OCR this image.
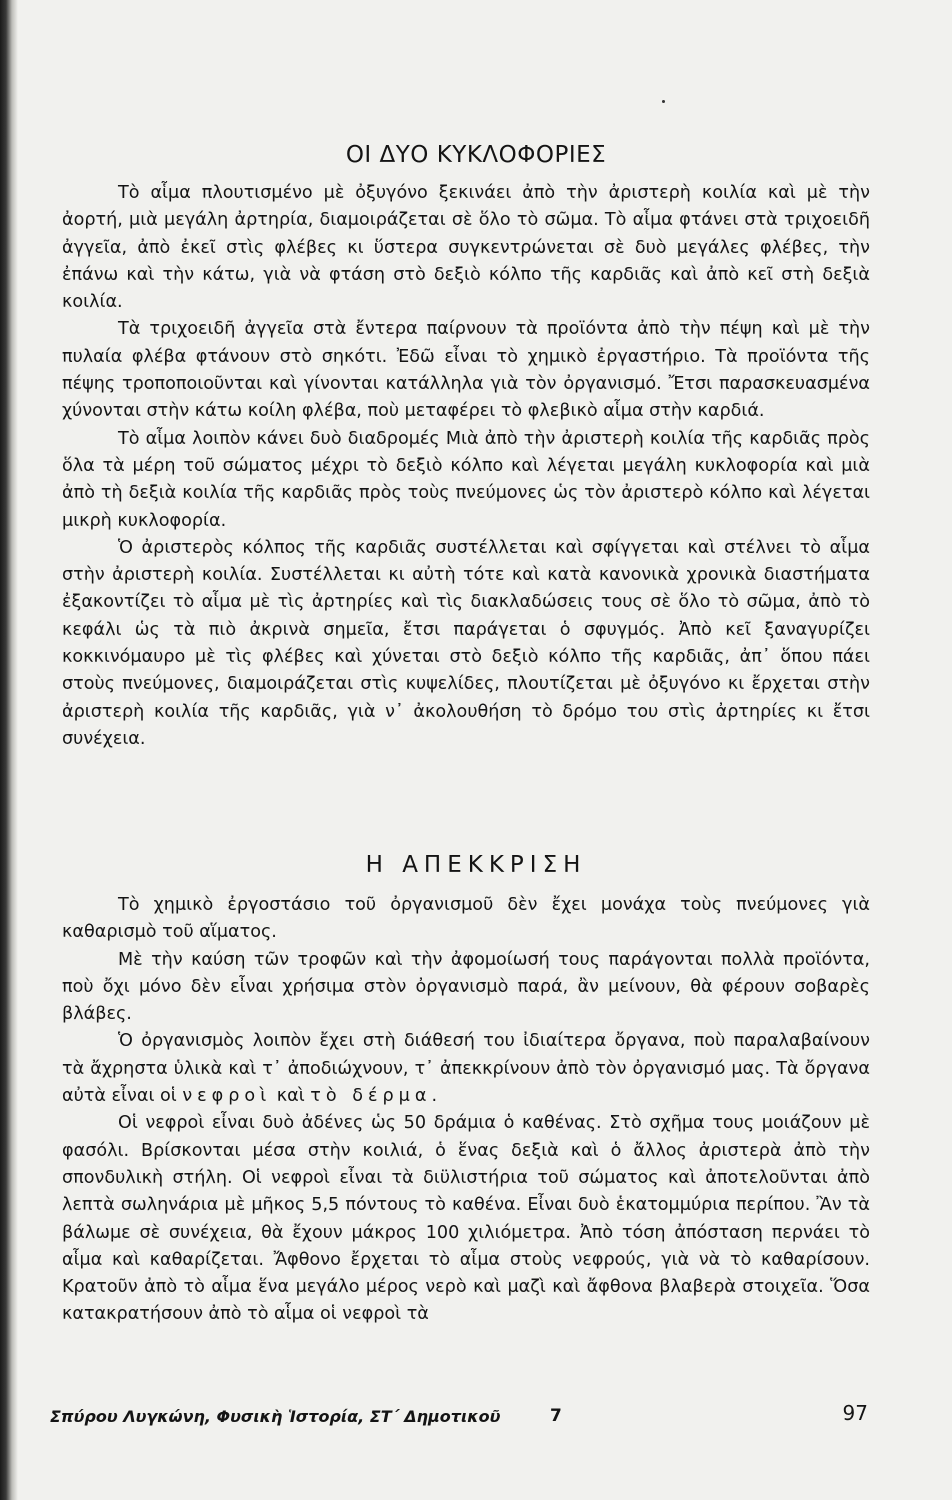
ΟΙ ΔΥΟ ΚΥΚΛΟΦΟΡΙΕΣ

Τὸ αἷμα πλουτισμένο μὲ ὀξυγόνο ξεκινάει ἀπὸ τὴν ἀριστερὴ κοιλία καὶ μὲ τὴν ἀορτή, μιὰ μεγάλη ἀρτηρία, διαμοιράζεται σὲ ὅλο τὸ σῶμα. Τὸ αἷμα φτάνει στὰ τριχοειδῆ ἀγγεῖα, ἀπὸ ἐκεῖ στὶς φλέβες κι ὕστερα συγκεντρώνεται σὲ δυὸ μεγάλες φλέβες, τὴν ἐπάνω καὶ τὴν κάτω, γιὰ νὰ φτάση στὸ δεξιὸ κόλπο τῆς καρδιᾶς καὶ ἀπὸ κεῖ στὴ δεξιὰ κοιλία.

Τὰ τριχοειδῆ ἀγγεῖα στὰ ἔντερα παίρνουν τὰ προϊόντα ἀπὸ τὴν πέψη καὶ μὲ τὴν πυλαία φλέβα φτάνουν στὸ σηκότι. Ἐδῶ εἶναι τὸ χημικὸ ἐργαστήριο. Τὰ προϊόντα τῆς πέψης τροποποιοῦνται καὶ γίνονται κατάλληλα γιὰ τὸν ὀργανισμό. Ἔτσι παρασκευασμένα χύνονται στὴν κάτω κοίλη φλέβα, ποὺ μεταφέρει τὸ φλεβικὸ αἷμα στὴν καρδιά.

Τὸ αἷμα λοιπὸν κάνει δυὸ διαδρομές Μιὰ ἀπὸ τὴν ἀριστερὴ κοιλία τῆς καρδιᾶς πρὸς ὅλα τὰ μέρη τοῦ σώματος μέχρι τὸ δεξιὸ κόλπο καὶ λέγεται μεγάλη κυκλοφορία καὶ μιὰ ἀπὸ τὴ δεξιὰ κοιλία τῆς καρδιᾶς πρὸς τοὺς πνεύμονες ὡς τὸν ἀριστερὸ κόλπο καὶ λέγεται μικρὴ κυκλοφορία.

Ὁ ἀριστερὸς κόλπος τῆς καρδιᾶς συστέλλεται καὶ σφίγγεται καὶ στέλνει τὸ αἷμα στὴν ἀριστερὴ κοιλία. Συστέλλεται κι αὐτὴ τότε καὶ κατὰ κανονικὰ χρονικὰ διαστήματα ἐξακοντίζει τὸ αἷμα μὲ τὶς ἀρτηρίες καὶ τὶς διακλαδώσεις τους σὲ ὅλο τὸ σῶμα, ἀπὸ τὸ κεφάλι ὡς τὰ πιὸ ἀκρινὰ σημεῖα, ἔτσι παράγεται ὁ σφυγμός. Ἀπὸ κεῖ ξαναγυρίζει κοκκινόμαυρο μὲ τὶς φλέβες καὶ χύνεται στὸ δεξιὸ κόλπο τῆς καρδιᾶς, ἀπ᾿ ὅπου πάει στοὺς πνεύμονες, διαμοιράζεται στὶς κυψελίδες, πλουτίζεται μὲ ὀξυγόνο κι ἔρχεται στὴν ἀριστερὴ κοιλία τῆς καρδιᾶς, γιὰ ν᾿ ἀκολουθήση τὸ δρόμο του στὶς ἀρτηρίες κι ἔτσι συνέχεια.

Η ΑΠΕΚΚΡΙΣΗ

Τὸ χημικὸ ἐργοστάσιο τοῦ ὀργανισμοῦ δὲν ἔχει μονάχα τοὺς πνεύμονες γιὰ καθαρισμὸ τοῦ αἵματος.

Μὲ τὴν καύση τῶν τροφῶν καὶ τὴν ἀφομοίωσή τους παράγονται πολλὰ προϊόντα, ποὺ ὄχι μόνο δὲν εἶναι χρήσιμα στὸν ὀργανισμὸ παρά, ἂν μείνουν, θὰ φέρουν σοβαρὲς βλάβες.

Ὁ ὀργανισμὸς λοιπὸν ἔχει στὴ διάθεσή του ἰδιαίτερα ὄργανα, ποὺ παραλαβαίνουν τὰ ἄχρηστα ὑλικὰ καὶ τ᾿ ἀποδιώχνουν, τ᾿ ἀπεκκρίνουν ἀπὸ τὸν ὀργανισμό μας. Τὰ ὄργανα αὐτὰ εἶναι οἱ νεφροὶ καὶ τὸ δέρμα.

Οἱ νεφροὶ εἶναι δυὸ ἀδένες ὡς 50 δράμια ὁ καθένας. Στὸ σχῆμα τους μοιάζουν μὲ φασόλι. Βρίσκονται μέσα στὴν κοιλιά, ὁ ἕνας δεξιὰ καὶ ὁ ἄλλος ἀριστερὰ ἀπὸ τὴν σπονδυλικὴ στήλη. Οἱ νεφροὶ εἶναι τὰ διϋλιστήρια τοῦ σώματος καὶ ἀποτελοῦνται ἀπὸ λεπτὰ σωληνάρια μὲ μῆκος 5,5 πόντους τὸ καθένα. Εἶναι δυὸ ἑκατομμύρια περίπου. Ἂν τὰ βάλωμε σὲ συνέχεια, θὰ ἔχουν μάκρος 100 χιλιόμετρα. Ἀπὸ τόση ἀπόσταση περνάει τὸ αἷμα καὶ καθαρίζεται. Ἄφθονο ἔρχεται τὸ αἷμα στοὺς νεφρούς, γιὰ νὰ τὸ καθαρίσουν. Κρατοῦν ἀπὸ τὸ αἷμα ἕνα μεγάλο μέρος νερὸ καὶ μαζὶ καὶ ἄφθονα βλαβερὰ στοιχεῖα. Ὅσα κατακρατήσουν ἀπὸ τὸ αἷμα οἱ νεφροὶ τὰ

Σπύρου Λυγκώνη, Φυσικὴ Ἱστορία, ΣΤ΄ Δημοτικοῦ	7	97
